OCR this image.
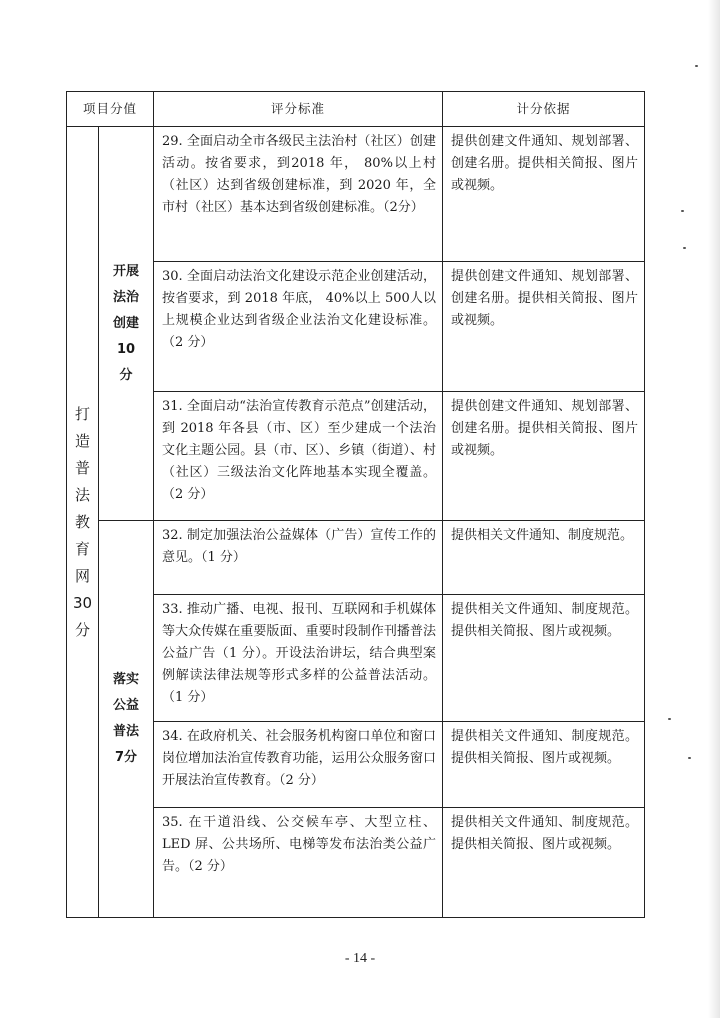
项目分值		评分标准	计分依据

打造普法教育网30分	开展法治创建10分	29. 全面启动全市各级民主法治村（社区）创建活动。按省要求，到2018 年， 80%以上村（社区）达到省级创建标准，到 2020 年，全市村（社区）基本达到省级创建标准。（2分）	提供创建文件通知、规划部署、创建名册。提供相关简报、图片或视频。
		30. 全面启动法治文化建设示范企业创建活动，按省要求，到 2018 年底， 40%以上 500人以上规模企业达到省级企业法治文化建设标准。（2 分）	提供创建文件通知、规划部署、创建名册。提供相关简报、图片或视频。
		31. 全面启动“法治宣传教育示范点”创建活动，到 2018 年各县（市、区）至少建成一个法治文化主题公园。县（市、区）、乡镇（街道）、村（社区）三级法治文化阵地基本实现全覆盖。（2 分）	提供创建文件通知、规划部署、创建名册。提供相关简报、图片或视频。

	落实公益普法7分	32. 制定加强法治公益媒体（广告）宣传工作的意见。（1 分）	提供相关文件通知、制度规范。
		33. 推动广播、电视、报刊、互联网和手机媒体等大众传媒在重要版面、重要时段制作刊播普法公益广告（1 分）。开设法治讲坛，结合典型案例解读法律法规等形式多样的公益普法活动。（1 分）	提供相关文件通知、制度规范。提供相关简报、图片或视频。
		34. 在政府机关、社会服务机构窗口单位和窗口岗位增加法治宣传教育功能，运用公众服务窗口开展法治宣传教育。（2 分）	提供相关文件通知、制度规范。提供相关简报、图片或视频。
		35. 在干道沿线、公交候车亭、大型立柱、LED 屏、公共场所、电梯等发布法治类公益广告。（2 分）	提供相关文件通知、制度规范。提供相关简报、图片或视频。
- 14 -
